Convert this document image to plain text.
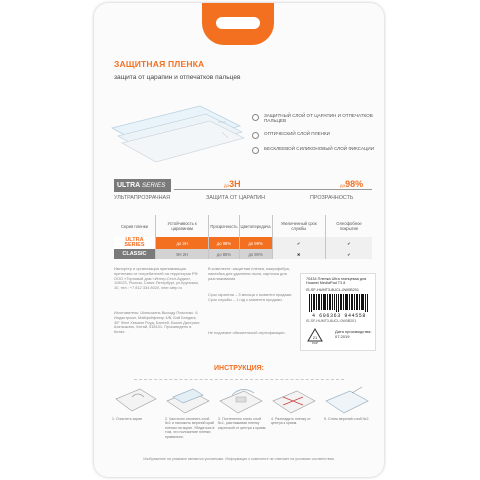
ЗАЩИТНАЯ ПЛЕНКА
защита от царапин и отпечатков пальцев
ЗАЩИТНЫЙ СЛОЙ ОТ ЦАРАПИН И ОТПЕЧАТКОВ ПАЛЬЦЕВ
ОПТИЧЕСКИЙ СЛОЙ ПЛЕНКИ
БЕСКЛЕЕВОЙ СИЛИКОНОВЫЙ СЛОЙ ФИКСАЦИИ
ULTRA SERIES	до3H	до98%
УЛЬТРАПРОЗРАЧНАЯ	ЗАЩИТА ОТ ЦАРАПИН	ПРОЗРАЧНОСТЬ
Серия пленки	Устойчивость к царапинам	Прозрачность	Цветопередача	Увеличенный срок службы	Олеофобное покрытие
ULTRA SERIES	до 3H	до 98%	до 99%	✔	✔
CLASSIC	9H 2H	до 85%	до 90%	✖	✔
Импортер и организация принимающая претензии от потребителей на территории РФ: ООО «Торговый дом «Интер-Стел-Аудио», 119023, Россия, Санкт-Петербург, ул.Крупская, 10, тел.: +7 812 334 8020, inter-step.ru
Изготовитель: Шэньчжэнь Выходу Пластикс. 6 Индастриал, Мэйфэйфэнэр 4/В, Бэй Бэндинг, 3/F Фэнг Хемаэн Роуд, Бантей, Баоэн Дистрикт, Шэньчжэнь, Китай, 518101. Произведено в Китае.
В комплекте: защитная пленка, микрофибра, наклейка для удаления пыли, карточка для разглаживания
Срок гарантии – 3 месяца с момента продажи. Срок службы – 1 год с момента продажи.
Не подлежит обязательной сертификации
70434 Пленка Ultra глянцевая для Huawei MediaPad T3 8
IS-SF-HUMT3-8UCL-0W0B201
4 606363 944558
IS-SF-HUMT3-8UCL-0W0B201
21
PAP
Дата производства:
07.2019
ИНСТРУКЦИЯ:
1. Очистить экран	2. Частично отклеить слой №1 и наложить верхний край пленки на экран. Убедиться в том, что положение пленки правильно.
3. Постепенно снять слой №1, разглаживая пленку карточкой от центра к краям.
4. Разгладить пленку от центра к краям.
5. Снять верхний слой №2
Изображение на упаковке являются условными. Информация о комплекте не отвечает на условиях соответствия.
